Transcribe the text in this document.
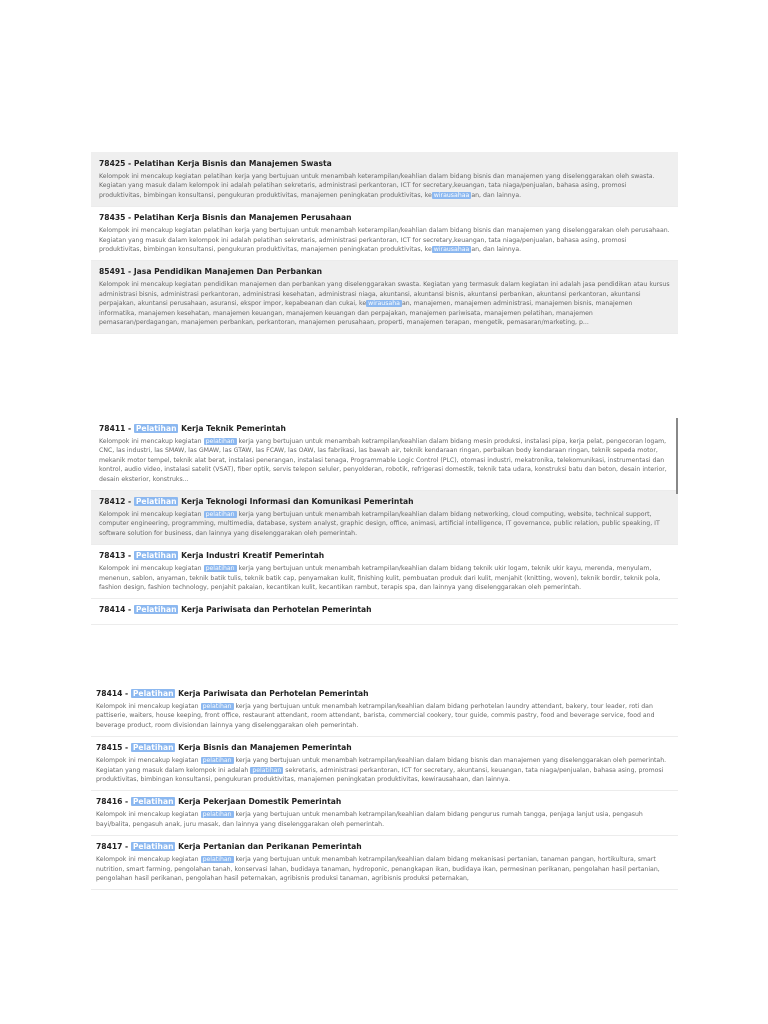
78425 - Pelatihan Kerja Bisnis dan Manajemen Swasta
Kelompok ini mencakup kegiatan pelatihan kerja yang bertujuan untuk menambah keterampilan/keahlian dalam bidang bisnis dan manajemen yang diselenggarakan oleh swasta. Kegiatan yang masuk dalam kelompok ini adalah pelatihan sekretaris, administrasi perkantoran, ICT for secretary,keuangan, tata niaga/penjualan, bahasa asing, promosi produktivitas, bimbingan konsultansi, pengukuran produktivitas, manajemen peningkatan produktivitas, ke wirausahaa an, dan lainnya.
78435 - Pelatihan Kerja Bisnis dan Manajemen Perusahaan
Kelompok ini mencakup kegiatan pelatihan kerja yang bertujuan untuk menambah keterampilan/keahlian dalam bidang bisnis dan manajemen yang diselenggarakan oleh perusahaan. Kegiatan yang masuk dalam kelompok ini adalah pelatihan sekretaris, administrasi perkantoran, ICT for secretary,keuangan, tata niaga/penjualan, bahasa asing, promosi produktivitas, bimbingan konsultansi, pengukuran produktivitas, manajemen peningkatan produktivitas, ke wirausahaa an, dan lainnya.
85491 - Jasa Pendidikan Manajemen Dan Perbankan
Kelompok ini mencakup kegiatan pendidikan manajemen dan perbankan yang diselenggarakan swasta. Kegiatan yang termasuk dalam kegiatan ini adalah jasa pendidikan atau kursus administrasi bisnis, administrasi perkantoran, administrasi kesehatan, administrasi niaga, akuntansi, akuntansi bisnis, akuntansi perbankan, akuntansi perkantoran, akuntansi perpajakan, akuntansi perusahaan, asuransi, ekspor impor, kepabeanan dan cukai, ke wirausaha an, manajemen, manajemen administrasi, manajemen bisnis, manajemen informatika, manajemen kesehatan, manajemen keuangan, manajemen keuangan dan perpajakan, manajemen pariwisata, manajemen pelatihan, manajemen pemasaran/perdagangan, manajemen perbankan, perkantoran, manajemen perusahaan, properti, manajemen terapan, mengetik, pemasaran/marketing, p...
78411 - Pelatihan Kerja Teknik Pemerintah
Kelompok ini mencakup kegiatan pelatihan kerja yang bertujuan untuk menambah ketrampilan/keahlian dalam bidang mesin produksi, instalasi pipa, kerja pelat, pengecoran logam, CNC, las industri, las SMAW, las GMAW, las GTAW, las FCAW, las OAW, las fabrikasi, las bawah air, teknik kendaraan ringan, perbaikan body kendaraan ringan, teknik sepeda motor, mekanik motor tempel, teknik alat berat, instalasi penerangan, instalasi tenaga, Programmable Logic Control (PLC), otomasi industri, mekatronika, telekomunikasi, instrumentasi dan kontrol, audio video, instalasi satelit (VSAT), fiber optik, servis telepon seluler, penyolderan, robotik, refrigerasi domestik, teknik tata udara, konstruksi batu dan beton, desain interior, desain eksterior, konstruks...
78412 - Pelatihan Kerja Teknologi Informasi dan Komunikasi Pemerintah
Kelompok ini mencakup kegiatan pelatihan kerja yang bertujuan untuk menambah ketrampilan/keahlian dalam bidang networking, cloud computing, website, technical support, computer engineering, programming, multimedia, database, system analyst, graphic design, office, animasi, artificial intelligence, IT governance, public relation, public speaking, IT software solution for business, dan lainnya yang diselenggarakan oleh pemerintah.
78413 - Pelatihan Kerja Industri Kreatif Pemerintah
Kelompok ini mencakup kegiatan pelatihan kerja yang bertujuan untuk menambah ketrampilan/keahlian dalam bidang teknik ukir logam, teknik ukir kayu, merenda, menyulam, menenun, sablon, anyaman, teknik batik tulis, teknik batik cap, penyamakan kulit, finishing kulit, pembuatan produk dari kulit, menjahit (knitting, woven), teknik bordir, teknik pola, fashion design, fashion technology, penjahit pakaian, kecantikan kulit, kecantikan rambut, terapis spa, dan lainnya yang diselenggarakan oleh pemerintah.
78414 - Pelatihan Kerja Pariwisata dan Perhotelan Pemerintah
78414 - Pelatihan Kerja Pariwisata dan Perhotelan Pemerintah
Kelompok ini mencakup kegiatan pelatihan kerja yang bertujuan untuk menambah ketrampilan/keahlian dalam bidang perhotelan laundry attendant, bakery, tour leader, roti dan pattiserie, waiters, house keeping, front office, restaurant attendant, room attendant, barista, commercial cookery, tour guide, commis pastry, food and beverage service, food and beverage product, room divisiondan lainnya yang diselenggarakan oleh pemerintah.
78415 - Pelatihan Kerja Bisnis dan Manajemen Pemerintah
Kelompok ini mencakup kegiatan pelatihan kerja yang bertujuan untuk menambah ketrampilan/keahlian dalam bidang bisnis dan manajemen yang diselenggarakan oleh pemerintah. Kegiatan yang masuk dalam kelompok ini adalah pelatihan sekretaris, administrasi perkantoran, ICT for secretary, akuntansi, keuangan, tata niaga/penjualan, bahasa asing, promosi produktivitas, bimbingan konsultansi, pengukuran produktivitas, manajemen peningkatan produktivitas, kewirausahaan, dan lainnya.
78416 - Pelatihan Kerja Pekerjaan Domestik Pemerintah
Kelompok ini mencakup kegiatan pelatihan kerja yang bertujuan untuk menambah ketrampilan/keahlian dalam bidang pengurus rumah tangga, penjaga lanjut usia, pengasuh bayi/balita, pengasuh anak, juru masak, dan lainnya yang diselenggarakan oleh pemerintah.
78417 - Pelatihan Kerja Pertanian dan Perikanan Pemerintah
Kelompok ini mencakup kegiatan pelatihan kerja yang bertujuan untuk menambah ketrampilan/keahlian dalam bidang mekanisasi pertanian, tanaman pangan, hortikultura, smart nutrition, smart farming, pengolahan tanah, konservasi lahan, budidaya tanaman, hydroponic, penangkapan ikan, budidaya ikan, permesinan perikanan, pengolahan hasil pertanian, pengolahan hasil perikanan, pengolahan hasil peternakan, agribisnis produksi tanaman, agribisnis produksi peternakan,
